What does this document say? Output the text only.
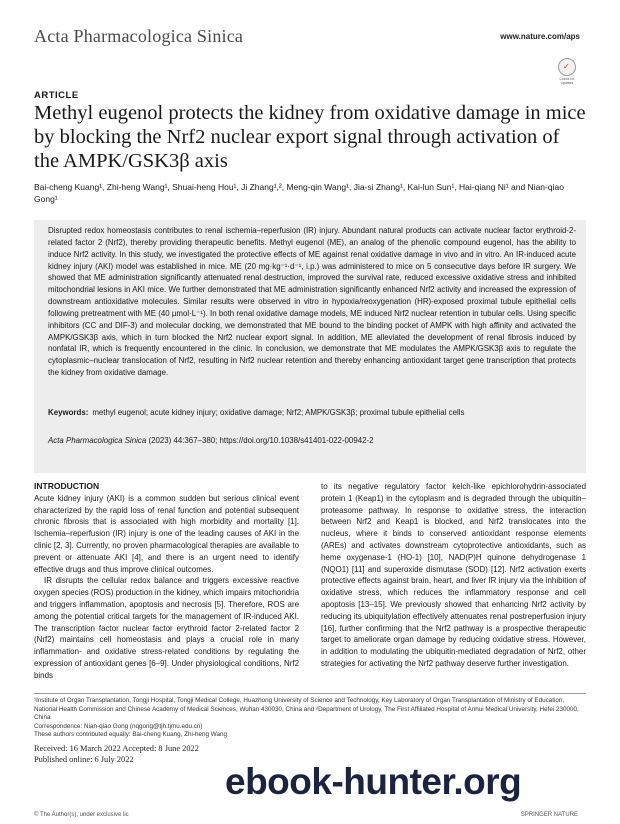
Acta Pharmacologica Sinica	www.nature.com/aps
✓
Check for updates
ARTICLE
Methyl eugenol protects the kidney from oxidative damage in mice by blocking the Nrf2 nuclear export signal through activation of the AMPK/GSK3β axis
Bai-cheng Kuang¹, Zhi-heng Wang¹, Shuai-heng Hou¹, Ji Zhang¹,², Meng-qin Wang¹, Jia-si Zhang¹, Kai-lun Sun¹, Hai-qiang Ni¹ and Nian-qiao Gong¹

Disrupted redox homeostasis contributes to renal ischemia–reperfusion (IR) injury. Abundant natural products can activate nuclear factor erythroid-2-related factor 2 (Nrf2), thereby providing therapeutic benefits. Methyl eugenol (ME), an analog of the phenolic compound eugenol, has the ability to induce Nrf2 activity. In this study, we investigated the protective effects of ME against renal oxidative damage in vivo and in vitro. An IR-induced acute kidney injury (AKI) model was established in mice. ME (20 mg·kg⁻¹·d⁻¹, i.p.) was administered to mice on 5 consecutive days before IR surgery. We showed that ME administration significantly attenuated renal destruction, improved the survival rate, reduced excessive oxidative stress and inhibited mitochondrial lesions in AKI mice. We further demonstrated that ME administration significantly enhanced Nrf2 activity and increased the expression of downstream antioxidative molecules. Similar results were observed in vitro in hypoxia/reoxygenation (HR)-exposed proximal tubule epithelial cells following pretreatment with ME (40 µmol·L⁻¹). In both renal oxidative damage models, ME induced Nrf2 nuclear retention in tubular cells. Using specific inhibitors (CC and DIF-3) and molecular docking, we demonstrated that ME bound to the binding pocket of AMPK with high affinity and activated the AMPK/GSK3β axis, which in turn blocked the Nrf2 nuclear export signal. In addition, ME alleviated the development of renal fibrosis induced by nonfatal IR, which is frequently encountered in the clinic. In conclusion, we demonstrate that ME modulates the AMPK/GSK3β axis to regulate the cytoplasmic–nuclear translocation of Nrf2, resulting in Nrf2 nuclear retention and thereby enhancing antioxidant target gene transcription that protects the kidney from oxidative damage.

Keywords: methyl eugenol; acute kidney injury; oxidative damage; Nrf2; AMPK/GSK3β; proximal tubule epithelial cells
Acta Pharmacologica Sinica (2023) 44:367–380; https://doi.org/10.1038/s41401-022-00942-2

INTRODUCTION

Acute kidney injury (AKI) is a common sudden but serious clinical event characterized by the rapid loss of renal function and potential subsequent chronic fibrosis that is associated with high morbidity and mortality [1]. Ischemia–reperfusion (IR) injury is one of the leading causes of AKI in the clinic [2, 3]. Currently, no proven pharmacological therapies are available to prevent or attenuate AKI [4], and there is an urgent need to identify effective drugs and thus improve clinical outcomes.

IR disrupts the cellular redox balance and triggers excessive reactive oxygen species (ROS) production in the kidney, which impairs mitochondria and triggers inflammation, apoptosis and necrosis [5]. Therefore, ROS are among the potential critical targets for the management of IR-induced AKI. The transcription factor nuclear factor erythroid factor 2-related factor 2 (Nrf2) maintains cell homeostasis and plays a crucial role in many inflammation- and oxidative stress-related conditions by regulating the expression of antioxidant genes [6–9]. Under physiological conditions, Nrf2 binds

to its negative regulatory factor kelch-like epichlorohydrin-associated protein 1 (Keap1) in the cytoplasm and is degraded through the ubiquitin–proteasome pathway. In response to oxidative stress, the interaction between Nrf2 and Keap1 is blocked, and Nrf2 translocates into the nucleus, where it binds to conserved antioxidant response elements (AREs) and activates downstream cytoprotective antioxidants, such as heme oxygenase-1 (HO-1) [10], NAD(P)H quinone dehydrogenase 1 (NQO1) [11] and superoxide dismutase (SOD) [12]. Nrf2 activation exerts protective effects against brain, heart, and liver IR injury via the inhibition of oxidative stress, which reduces the inflammatory response and cell apoptosis [13–15]. We previously showed that enhancing Nrf2 activity by reducing its ubiquitylation effectively attenuates renal postreperfusion injury [16], further confirming that the Nrf2 pathway is a prospective therapeutic target to ameliorate organ damage by reducing oxidative stress. However, in addition to modulating the ubiquitin-mediated degradation of Nrf2, other strategies for activating the Nrf2 pathway deserve further investigation.

¹Institute of Organ Transplantation, Tongji Hospital, Tongji Medical College, Huazhong University of Science and Technology, Key Laboratory of Organ Transplantation of Ministry of Education, National Health Commission and Chinese Academy of Medical Sciences, Wuhan 430030, China and ²Department of Urology, The First Affiliated Hospital of Anhui Medical University, Hefei 230000, China

Correspondence: Nian-qiao Gong (nqgong@tjh.tjmu.edu.cn)

These authors contributed equally: Bai-cheng Kuang, Zhi-heng Wang

Received: 16 March 2022 Accepted: 8 June 2022

Published online: 6 July 2022

© The Author(s), under exclusive lic	SPRINGER NATURE
ebook-hunter.org
